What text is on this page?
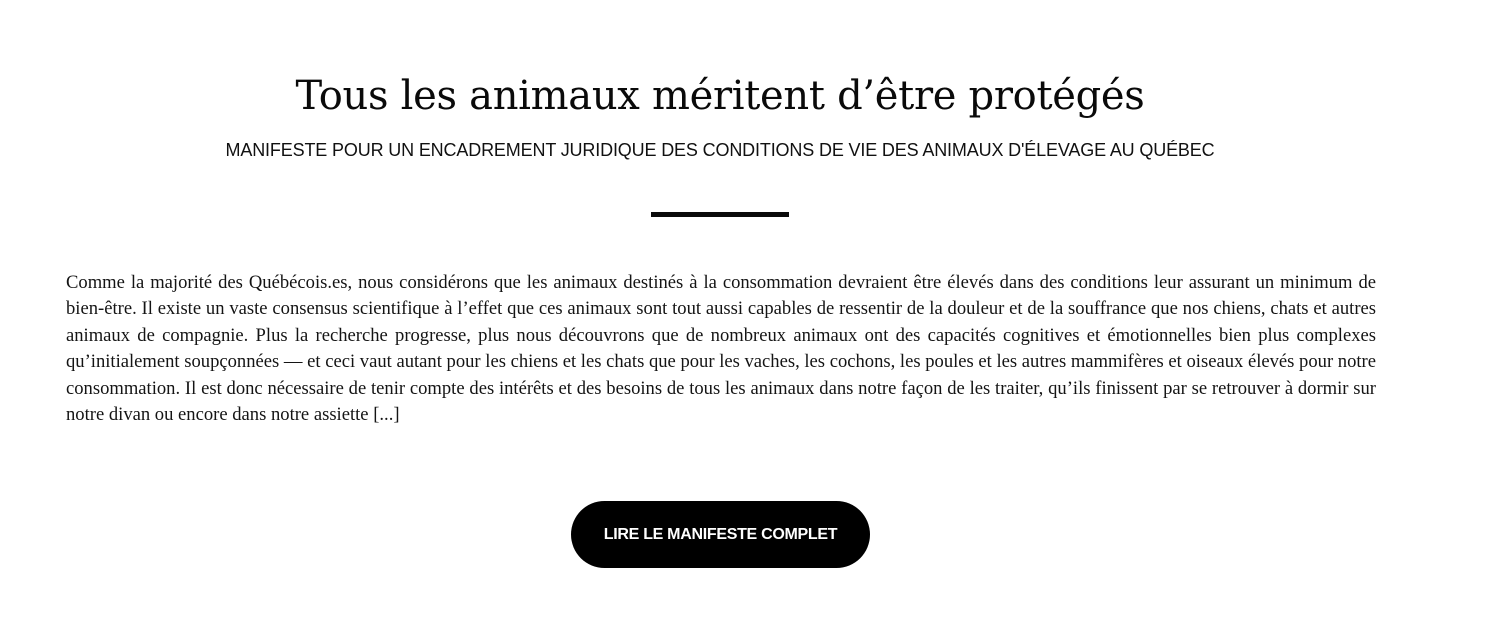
Tous les animaux méritent d’être protégés
MANIFESTE POUR UN ENCADREMENT JURIDIQUE DES CONDITIONS DE VIE DES ANIMAUX D'ÉLEVAGE AU QUÉBEC

Comme la majorité des Québécois.es, nous considérons que les animaux destinés à la consommation devraient être élevés dans des conditions leur assurant un minimum de bien-être. Il existe un vaste consensus scientifique à l’effet que ces animaux sont tout aussi capables de ressentir de la douleur et de la souffrance que nos chiens, chats et autres animaux de compagnie. Plus la recherche progresse, plus nous découvrons que de nombreux animaux ont des capacités cognitives et émotionnelles bien plus complexes qu’initialement soupçonnées — et ceci vaut autant pour les chiens et les chats que pour les vaches, les cochons, les poules et les autres mammifères et oiseaux élevés pour notre consommation. Il est donc nécessaire de tenir compte des intérêts et des besoins de tous les animaux dans notre façon de les traiter, qu’ils finissent par se retrouver à dormir sur notre divan ou encore dans notre assiette [...]

LIRE LE MANIFESTE COMPLET
